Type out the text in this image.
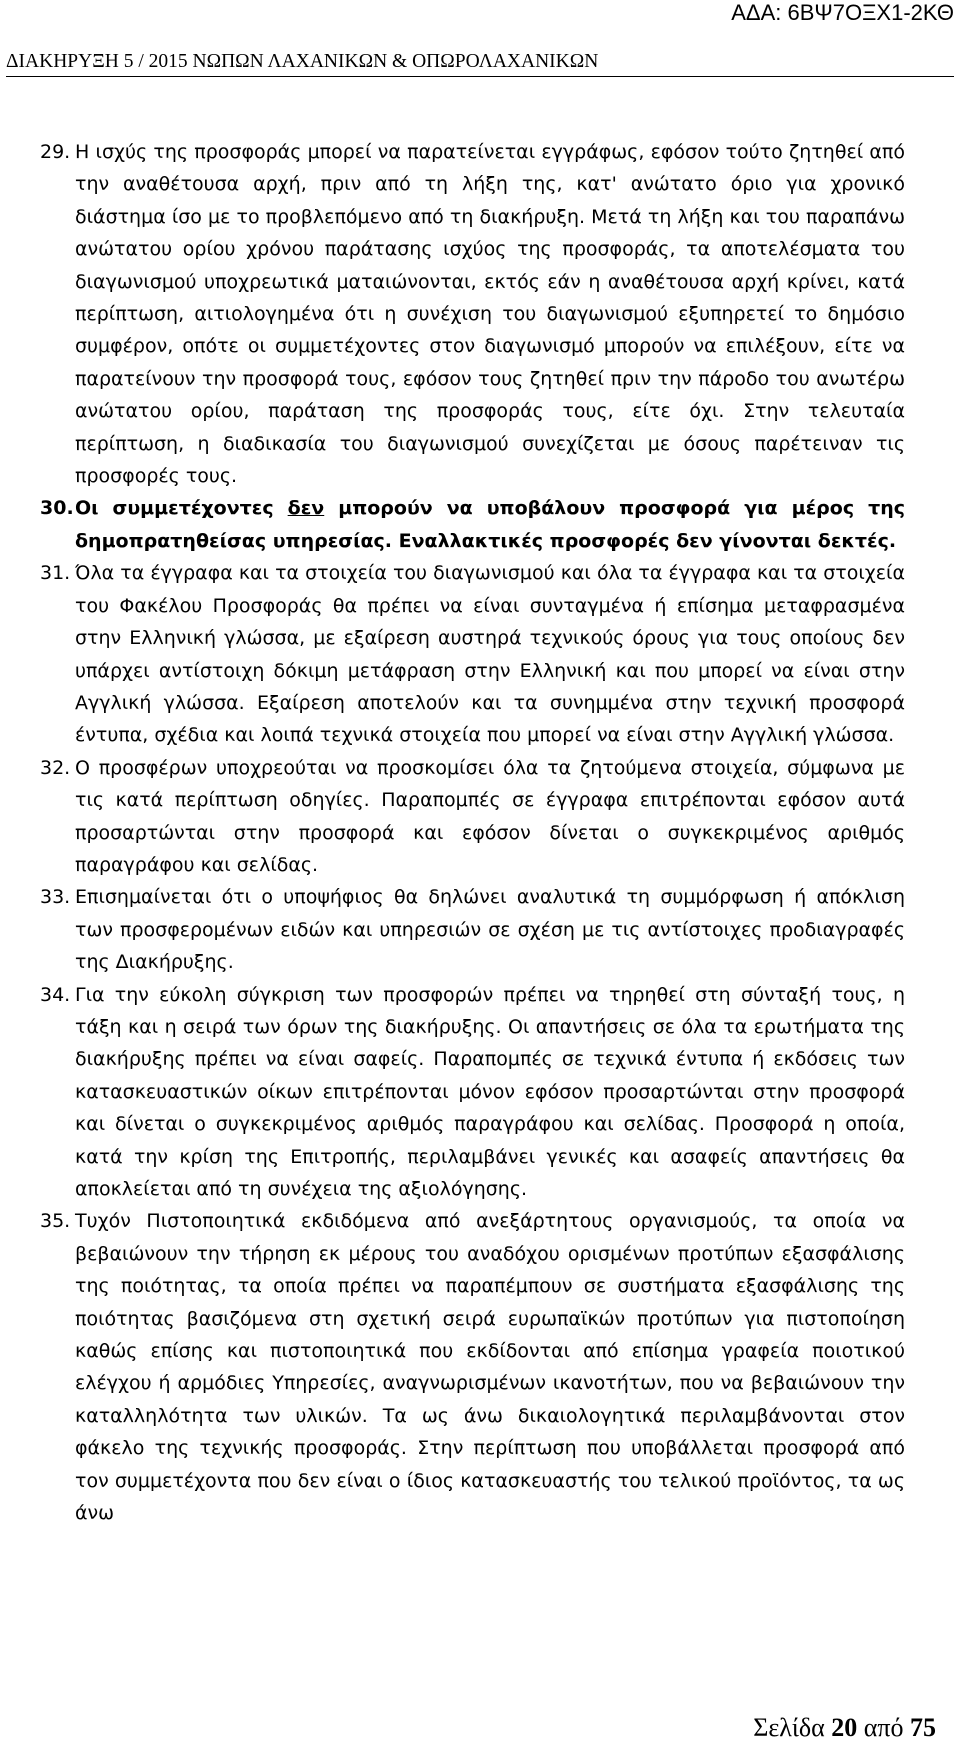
ΑΔΑ: 6ΒΨ7ΟΞΧ1-2ΚΘ
ΔΙΑΚΗΡΥΞΗ 5 / 2015 ΝΩΠΩΝ ΛΑΧΑΝΙΚΩΝ & ΟΠΩΡΟΛΑΧΑΝΙΚΩΝ
29. Η ισχύς της προσφοράς μπορεί να παρατείνεται εγγράφως, εφόσον τούτο ζητηθεί από την αναθέτουσα αρχή, πριν από τη λήξη της, κατ' ανώτατο όριο για χρονικό διάστημα ίσο με το προβλεπόμενο από τη διακήρυξη. Μετά τη λήξη και του παραπάνω ανώτατου ορίου χρόνου παράτασης ισχύος της προσφοράς, τα αποτελέσματα του διαγωνισμού υποχρεωτικά ματαιώνονται, εκτός εάν η αναθέτουσα αρχή κρίνει, κατά περίπτωση, αιτιολογημένα ότι η συνέχιση του διαγωνισμού εξυπηρετεί το δημόσιο συμφέρον, οπότε οι συμμετέχοντες στον διαγωνισμό μπορούν να επιλέξουν, είτε να παρατείνουν την προσφορά τους, εφόσον τους ζητηθεί πριν την πάροδο του ανωτέρω ανώτατου ορίου, παράταση της προσφοράς τους, είτε όχι. Στην τελευταία περίπτωση, η διαδικασία του διαγωνισμού συνεχίζεται με όσους παρέτειναν τις προσφορές τους.
30. Οι συμμετέχοντες δεν μπορούν να υποβάλουν προσφορά για μέρος της δημοπρατηθείσας υπηρεσίας. Εναλλακτικές προσφορές δεν γίνονται δεκτές.
31. Όλα τα έγγραφα και τα στοιχεία του διαγωνισμού και όλα τα έγγραφα και τα στοιχεία του Φακέλου Προσφοράς θα πρέπει να είναι συνταγμένα ή επίσημα μεταφρασμένα στην Ελληνική γλώσσα, με εξαίρεση αυστηρά τεχνικούς όρους για τους οποίους δεν υπάρχει αντίστοιχη δόκιμη μετάφραση στην Ελληνική και που μπορεί να είναι στην Αγγλική γλώσσα. Εξαίρεση αποτελούν και τα συνημμένα στην τεχνική προσφορά έντυπα, σχέδια και λοιπά τεχνικά στοιχεία που μπορεί να είναι στην Αγγλική γλώσσα.
32. Ο προσφέρων υποχρεούται να προσκομίσει όλα τα ζητούμενα στοιχεία, σύμφωνα με τις κατά περίπτωση οδηγίες. Παραπομπές σε έγγραφα επιτρέπονται εφόσον αυτά προσαρτώνται στην προσφορά και εφόσον δίνεται ο συγκεκριμένος αριθμός παραγράφου και σελίδας.
33. Επισημαίνεται ότι ο υποψήφιος θα δηλώνει αναλυτικά τη συμμόρφωση ή απόκλιση των προσφερομένων ειδών και υπηρεσιών σε σχέση με τις αντίστοιχες προδιαγραφές της Διακήρυξης.
34. Για την εύκολη σύγκριση των προσφορών πρέπει να τηρηθεί στη σύνταξή τους, η τάξη και η σειρά των όρων της διακήρυξης. Οι απαντήσεις σε όλα τα ερωτήματα της διακήρυξης πρέπει να είναι σαφείς. Παραπομπές σε τεχνικά έντυπα ή εκδόσεις των κατασκευαστικών οίκων επιτρέπονται μόνον εφόσον προσαρτώνται στην προσφορά και δίνεται ο συγκεκριμένος αριθμός παραγράφου και σελίδας. Προσφορά η οποία, κατά την κρίση της Επιτροπής, περιλαμβάνει γενικές και ασαφείς απαντήσεις θα αποκλείεται από τη συνέχεια της αξιολόγησης.
35. Τυχόν Πιστοποιητικά εκδιδόμενα από ανεξάρτητους οργανισμούς, τα οποία να βεβαιώνουν την τήρηση εκ μέρους του αναδόχου ορισμένων προτύπων εξασφάλισης της ποιότητας, τα οποία πρέπει να παραπέμπουν σε συστήματα εξασφάλισης της ποιότητας βασιζόμενα στη σχετική σειρά ευρωπαϊκών προτύπων για πιστοποίηση καθώς επίσης και πιστοποιητικά που εκδίδονται από επίσημα γραφεία ποιοτικού ελέγχου ή αρμόδιες Υπηρεσίες, αναγνωρισμένων ικανοτήτων, που να βεβαιώνουν την καταλληλότητα των υλικών. Τα ως άνω δικαιολογητικά περιλαμβάνονται στον φάκελο της τεχνικής προσφοράς. Στην περίπτωση που υποβάλλεται προσφορά από τον συμμετέχοντα που δεν είναι ο ίδιος κατασκευαστής του τελικού προϊόντος, τα ως άνω
Σελίδα 20 από 75
